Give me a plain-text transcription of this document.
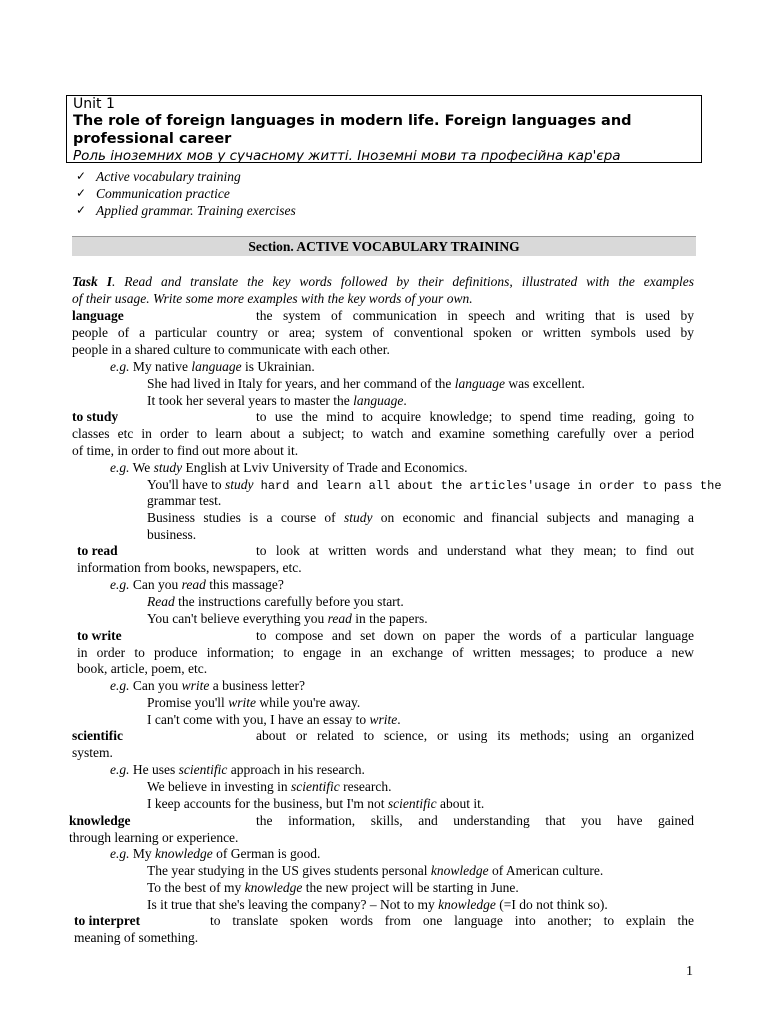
Unit 1
The role of foreign languages in modern life. Foreign languages and
professional career
Роль іноземних мов у сучасному житті. Іноземні мови та професійна кар'єра
✓ Active vocabulary training
✓ Communication practice
✓ Applied grammar. Training exercises
Section. ACTIVE VOCABULARY TRAINING
Task I. Read and translate the key words followed by their definitions, illustrated with the examples
of their usage. Write some more examples with the key words of your own.
language	the system of communication in speech and writing that is used by
people of a particular country or area; system of conventional spoken or written symbols used by
people in a shared culture to communicate with each other.
e.g. My native language is Ukrainian.
She had lived in Italy for years, and her command of the language was excellent.
It took her several years to master the language.
to study	to use the mind to acquire knowledge; to spend time reading, going to
classes etc in order to learn about a subject; to watch and examine something carefully over a period
of time, in order to find out more about it.
e.g. We study English at Lviv University of Trade and Economics.
You'll have to study hard and learn all about the articles'usage in order to pass the
grammar test.
Business studies is a course of study on economic and financial subjects and managing a
business.
to read	to look at written words and understand what they mean; to find out
information from books, newspapers, etc.
e.g. Can you read this massage?
Read the instructions carefully before you start.
You can't believe everything you read in the papers.
to write	to compose and set down on paper the words of a particular language
in order to produce information; to engage in an exchange of written messages; to produce a new
book, article, poem, etc.
e.g. Can you write a business letter?
Promise you'll write while you're away.
I can't come with you, I have an essay to write.
scientific	about or related to science, or using its methods; using an organized
system.
e.g. He uses scientific approach in his research.
We believe in investing in scientific research.
I keep accounts for the business, but I'm not scientific about it.
knowledge	the information, skills, and understanding that you have gained
through learning or experience.
e.g. My knowledge of German is good.
The year studying in the US gives students personal knowledge of American culture.
To the best of my knowledge the new project will be starting in June.
Is it true that she's leaving the company? – Not to my knowledge (=I do not think so).
to interpret	to translate spoken words from one language into another; to explain the
meaning of something.
1
